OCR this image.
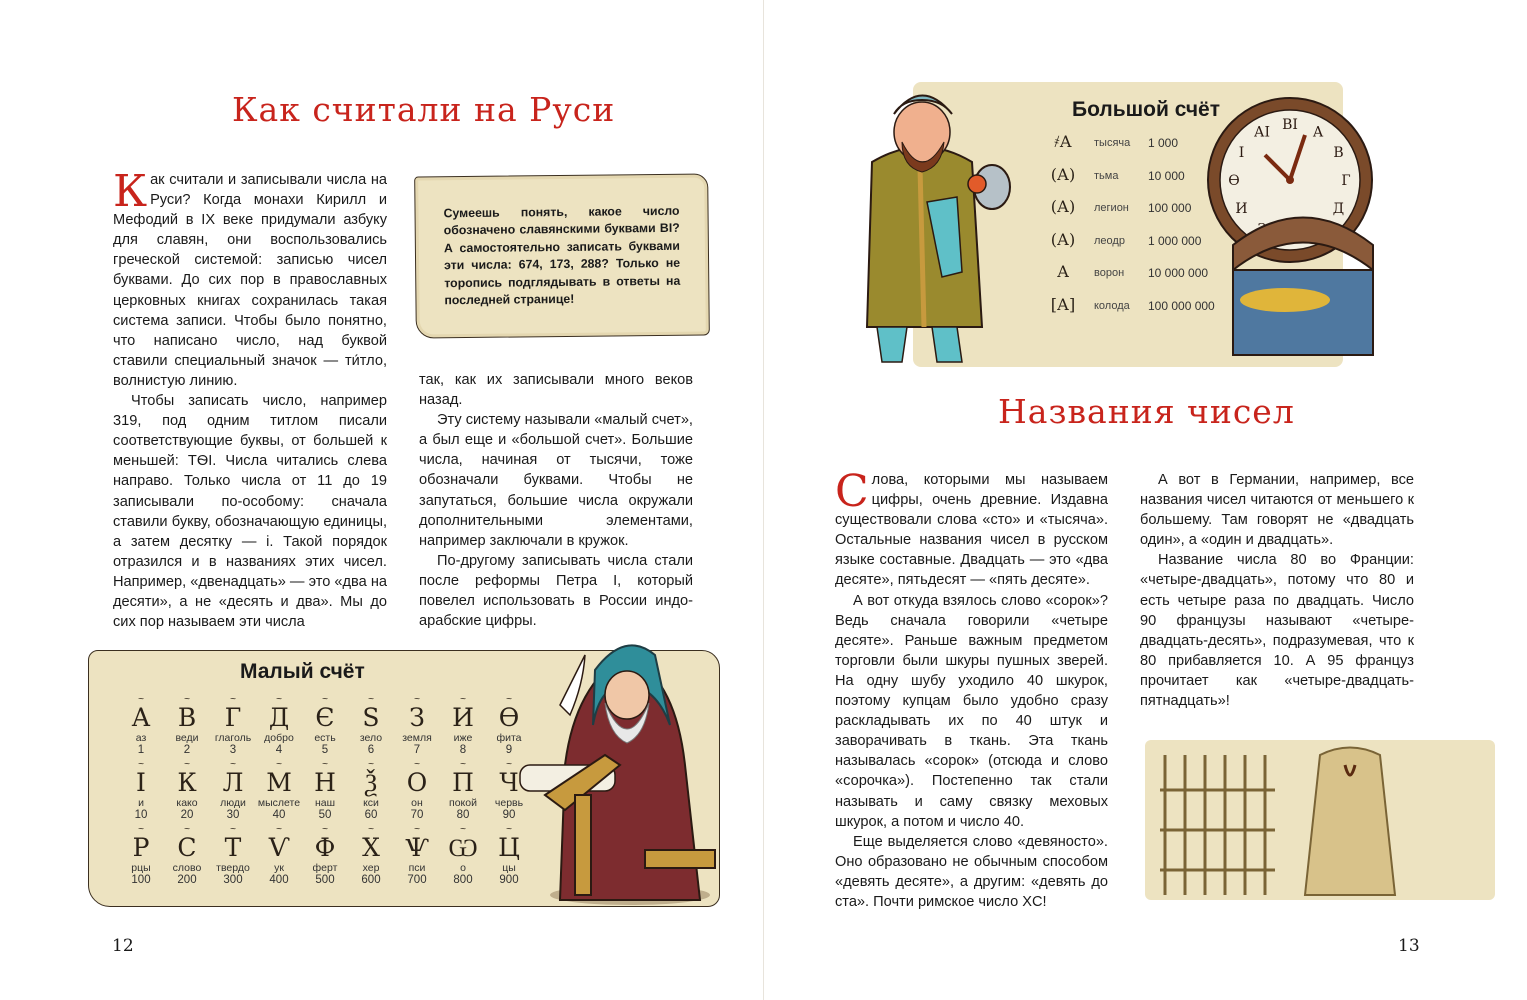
Как считали на Руси

Как считали и записывали числа на Руси? Когда монахи Кирилл и Мефодий в IX веке придумали азбуку для славян, они воспользовались греческой системой: записью чисел буквами. До сих пор в православных церковных книгах сохранилась такая система записи. Чтобы было понятно, что написано число, над буквой ставили специальный значок — ти́тло, волнистую линию.

Чтобы записать число, например 319, под одним титлом писали соответствующие буквы, от большей к меньшей: ТѲІ. Числа читались слева направо. Только числа от 11 до 19 записывали по-особому: сначала ставили букву, обозначающую единицы, а затем десятку — і. Такой порядок отразился и в названиях этих чисел. Например, «двенадцать» — это «два на десяти», а не «десять и два». Мы до сих пор называем эти числа

так, как их записывали много веков назад.

Эту систему называли «малый счет», а был еще и «большой счет». Большие числа, начиная от тысячи, тоже обозначали буквами. Чтобы не запутаться, большие числа окружали дополнительными элементами, например заключали в кружок.

По-другому записывать числа стали после реформы Петра I, который повелел использовать в России индо-арабские цифры.

Сумеешь понять, какое число обозначено славянскими буквами ВІ? А самостоятельно записать буквами эти числа: 674, 173, 288? Только не торопись подглядывать в ответы на последней странице!
Малый счёт
~
А
аз
1
~
В
веди
2
~
Г
глаголь
3
~
Д
добро
4
~
Є
есть
5
~
S
зело
6
~
З
земля
7
~
И
иже
8
~
Ѳ
фита
9
~
І
и
10
~
К
како
20
~
Л
люди
30
~
М
мыслете
40
~
Н
наш
50
~
Ѯ
кси
60
~
О
он
70
~
П
покой
80
~
Ч
червь
90
~
Р
рцы
100
~
С
слово
200
~
Т
твердо
300
~
Ѵ
ук
400
~
Ф
ферт
500
~
Х
хер
600
~
Ѱ
пси
700
~
Ѡ
о
800
~
Ц
цы
900
12
Большой счёт
҂А	тысяча 1 000
(А) тьма 10 000
(А) легион 100 000
(А) леодр 1 000 000
А	ворон 10 000 000
[А] колода 100 000 000
А
В
Г
Д
И
Ѳ
І
АІ ВІ
Названия чисел

Слова, которыми мы называем цифры, очень древние. Издавна существовали слова «сто» и «тысяча». Остальные названия чисел в русском языке составные. Двадцать — это «два десяте», пятьдесят — «пять десяте».

А вот откуда взялось слово «сорок»? Ведь сначала говорили «четыре десяте». Раньше важным предметом торговли были шкуры пушных зверей. На одну шубу уходило 40 шкурок, поэтому купцам было удобно сразу раскладывать их по 40 штук и заворачивать в ткань. Эта ткань называлась «сорок» (отсюда и слово «сорочка»). Постепенно так стали называть и саму связку меховых шкурок, а потом и число 40.

Еще выделяется слово «девяносто». Оно образовано не обычным способом «девять десяте», а другим: «девять до ста». Почти римское число XC!

А вот в Германии, например, все названия чисел читаются от меньшего к большему. Там говорят не «двадцать один», а «один и двадцать».

Название числа 80 во Франции: «четыре-двадцать», потому что 80 и есть четыре раза по двадцать. Число 90 французы называют «четыре-двадцать-десять», подразумевая, что к 80 прибавляется 10. А 95 француз прочитает как «четыре-двадцать-пятнадцать»!

13
